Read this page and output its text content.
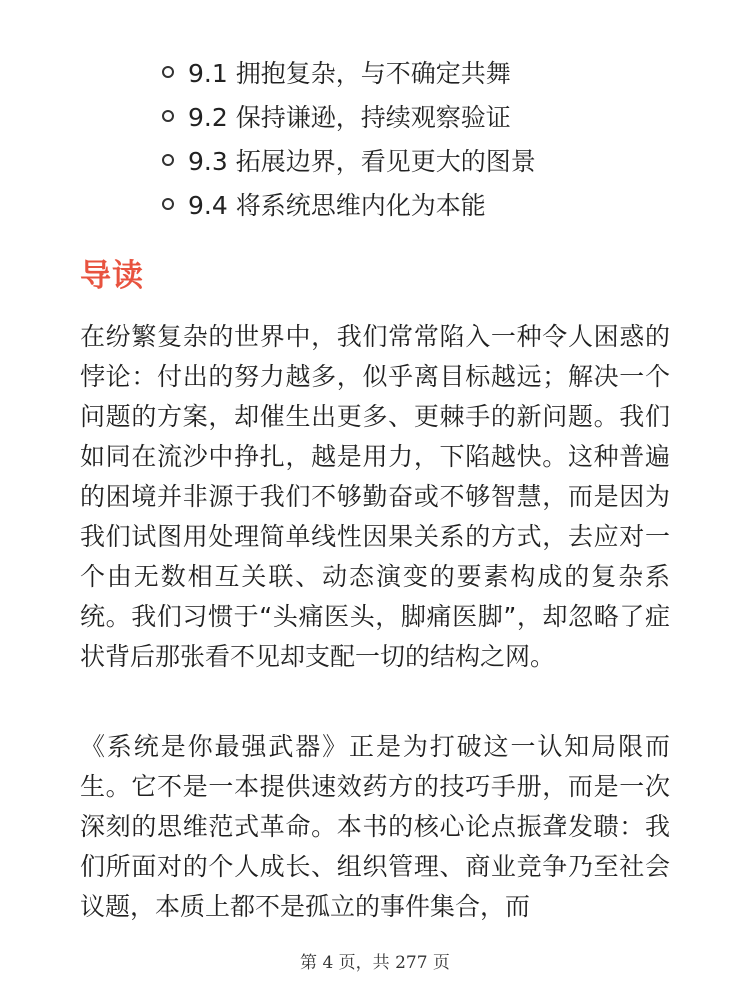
9.1 拥抱复杂，与不确定共舞
9.2 保持谦逊，持续观察验证
9.3 拓展边界，看见更大的图景
9.4 将系统思维内化为本能
导读

在纷繁复杂的世界中，我们常常陷入一种令人困惑的悖论：付出的努力越多，似乎离目标越远；解决一个问题的方案，却催生出更多、更棘手的新问题。我们如同在流沙中挣扎，越是用力，下陷越快。这种普遍的困境并非源于我们不够勤奋或不够智慧，而是因为我们试图用处理简单线性因果关系的方式，去应对一个由无数相互关联、动态演变的要素构成的复杂系统。我们习惯于“头痛医头，脚痛医脚”，却忽略了症状背后那张看不见却支配一切的结构之网。

《系统是你最强武器》正是为打破这一认知局限而生。它不是一本提供速效药方的技巧手册，而是一次深刻的思维范式革命。本书的核心论点振聋发聩：我们所面对的个人成长、组织管理、商业竞争乃至社会议题，本质上都不是孤立的事件集合，而

第 4 页，共 277 页
